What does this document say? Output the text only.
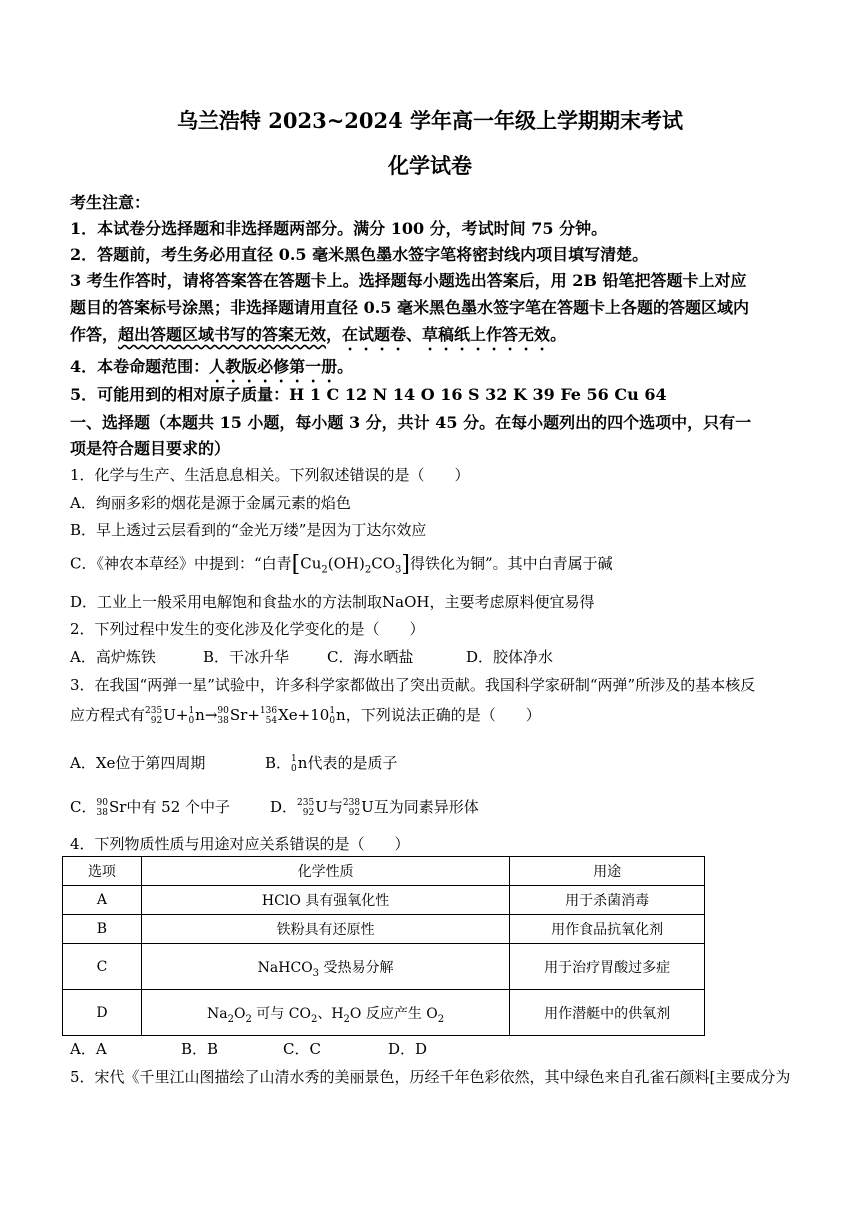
乌兰浩特 2023~2024 学年高一年级上学期期末考试
化学试卷
考生注意：
1．本试卷分选择题和非选择题两部分。满分 100 分，考试时间 75 分钟。
2．答题前，考生务必用直径 0.5 毫米黑色墨水签字笔将密封线内项目填写清楚。
3 考生作答时，请将答案答在答题卡上。选择题每小题选出答案后，用 2B 铅笔把答题卡上对应
题目的答案标号涂黑；非选择题请用直径 0.5 毫米黑色墨水签字笔在答题卡上各题的答题区域内
作答，超出答题区域书写的答案无效，在试题卷、草稿纸上作答无效。
4．本卷命题范围：人教版必修第一册。
5．可能用到的相对原子质量：H 1 C 12 N 14 O 16 S 32 K 39 Fe 56 Cu 64
一、选择题（本题共 15 小题，每小题 3 分，共计 45 分。在每小题列出的四个选项中，只有一
项是符合题目要求的）
1．化学与生产、生活息息相关。下列叙述错误的是（　　）
A．绚丽多彩的烟花是源于金属元素的焰色
B．早上透过云层看到的“金光万缕”是因为丁达尔效应
C．《神农本草经》中提到：“白青$[Cu_2(OH)_2CO_3]$得铁化为铜”。其中白青属于碱
D．工业上一般采用电解饱和食盐水的方法制取NaOH，主要考虑原料便宜易得
2．下列过程中发生的变化涉及化学变化的是（　　）
A．高炉炼铁	B．干冰升华	C．海水晒盐	D．胶体净水
3．在我国“两弹一星”试验中，许多科学家都做出了突出贡献。我国科学家研制“两弹”所涉及的基本核反
应方程式有 235
92 U+ 1
0 n→ 90
38 Sr+ 136
54 Xe+10 1
0 n，下列说法正确的是（　　）
A．Xe位于第四周期	B． 1
0 n代表的是质子
C． 90
38 Sr中有 52 个中子	D． 235
92 U与 238
92 U互为同素异形体
4．下列物质性质与用途对应关系错误的是（　　）
选项	化学性质	用途
A	HClO 具有强氧化性	用于杀菌消毒
B	铁粉具有还原性	用作食品抗氧化剂
C	NaHCO$_3$ 受热易分解	用于治疗胃酸过多症
D	$Na_2O_2$ 可与 $CO_2$、$H_2O$ 反应产生 $O_2$	用作潜艇中的供氧剂
A．A	B．B	C．C	D．D
5．宋代《千里江山图描绘了山清水秀的美丽景色，历经千年色彩依然，其中绿色来自孔雀石颜料[主要成分为
